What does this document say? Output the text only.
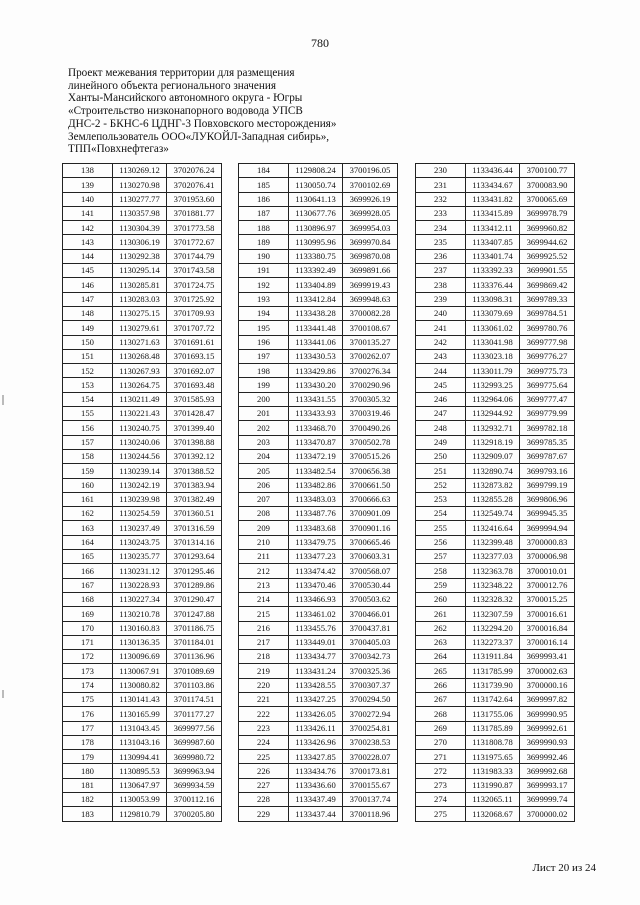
780
Проект межевания территории для размещения
линейного объекта регионального значения
Ханты-Мансийского автономного округа - Югры
«Строительство низконапорного водовода УПСВ
ДНС-2 - БКНС-6 ЦДНГ-3 Повховского месторождения»
Землепользователь ООО«ЛУКОЙЛ-Западная сибирь»,
ТПП«Повхнефтегаз»
138	1130269.12	3702076.24
139	1130270.98	3702076.41
140	1130277.77	3701953.60
141	1130357.98	3701881.77
142	1130304.39	3701773.58
143	1130306.19	3701772.67
144	1130292.38	3701744.79
145	1130295.14	3701743.58
146	1130285.81	3701724.75
147	1130283.03	3701725.92
148	1130275.15	3701709.93
149	1130279.61	3701707.72
150	1130271.63	3701691.61
151	1130268.48	3701693.15
152	1130267.93	3701692.07
153	1130264.75	3701693.48
154	1130211.49	3701585.93
155	1130221.43	3701428.47
156	1130240.75	3701399.40
157	1130240.06	3701398.88
158	1130244.56	3701392.12
159	1130239.14	3701388.52
160	1130242.19	3701383.94
161	1130239.98	3701382.49
162	1130254.59	3701360.51
163	1130237.49	3701316.59
164	1130243.75	3701314.16
165	1130235.77	3701293.64
166	1130231.12	3701295.46
167	1130228.93	3701289.86
168	1130227.34	3701290.47
169	1130210.78	3701247.88
170	1130160.83	3701186.75
171	1130136.35	3701184.01
172	1130096.69	3701136.96
173	1130067.91	3701089.69
174	1130080.82	3701103.86
175	1130141.43	3701174.51
176	1130165.99	3701177.27
177	1131043.45	3699977.56
178	1131043.16	3699987.60
179	1130994.41	3699980.72
180	1130895.53	3699963.94
181	1130647.97	3699934.59
182	1130053.99	3700112.16
183	1129810.79	3700205.80
184	1129808.24	3700196.05
185	1130050.74	3700102.69
186	1130641.13	3699926.19
187	1130677.76	3699928.05
188	1130896.97	3699954.03
189	1130995.96	3699970.84
190	1133380.75	3699870.08
191	1133392.49	3699891.66
192	1133404.89	3699919.43
193	1133412.84	3699948.63
194	1133438.28	3700082.28
195	1133441.48	3700108.67
196	1133441.06	3700135.27
197	1133430.53	3700262.07
198	1133429.86	3700276.34
199	1133430.20	3700290.96
200	1133431.55	3700305.32
201	1133433.93	3700319.46
202	1133468.70	3700490.26
203	1133470.87	3700502.78
204	1133472.19	3700515.26
205	1133482.54	3700656.38
206	1133482.86	3700661.50
207	1133483.03	3700666.63
208	1133487.76	3700901.09
209	1133483.68	3700901.16
210	1133479.75	3700665.46
211	1133477.23	3700603.31
212	1133474.42	3700568.07
213	1133470.46	3700530.44
214	1133466.93	3700503.62
215	1133461.02	3700466.01
216	1133455.76	3700437.81
217	1133449.01	3700405.03
218	1133434.77	3700342.73
219	1133431.24	3700325.36
220	1133428.55	3700307.37
221	1133427.25	3700294.50
222	1133426.05	3700272.94
223	1133426.11	3700254.81
224	1133426.96	3700238.53
225	1133427.85	3700228.07
226	1133434.76	3700173.81
227	1133436.60	3700155.67
228	1133437.49	3700137.74
229	1133437.44	3700118.96
230	1133436.44	3700100.77
231	1133434.67	3700083.90
232	1133431.82	3700065.69
233	1133415.89	3699978.79
234	1133412.11	3699960.82
235	1133407.85	3699944.62
236	1133401.74	3699925.52
237	1133392.33	3699901.55
238	1133376.44	3699869.42
239	1133098.31	3699789.33
240	1133079.69	3699784.51
241	1133061.02	3699780.76
242	1133041.98	3699777.98
243	1133023.18	3699776.27
244	1133011.79	3699775.73
245	1132993.25	3699775.64
246	1132964.06	3699777.47
247	1132944.92	3699779.99
248	1132932.71	3699782.18
249	1132918.19	3699785.35
250	1132909.07	3699787.67
251	1132890.74	3699793.16
252	1132873.82	3699799.19
253	1132855.28	3699806.96
254	1132549.74	3699945.35
255	1132416.64	3699994.94
256	1132399.48	3700000.83
257	1132377.03	3700006.98
258	1132363.78	3700010.01
259	1132348.22	3700012.76
260	1132328.32	3700015.25
261	1132307.59	3700016.61
262	1132294.20	3700016.84
263	1132273.37	3700016.14
264	1131911.84	3699993.41
265	1131785.99	3700002.63
266	1131739.90	3700000.16
267	1131742.64	3699997.82
268	1131755.06	3699990.95
269	1131785.89	3699992.61
270	1131808.78	3699990.93
271	1131975.65	3699992.46
272	1131983.33	3699992.68
273	1131990.87	3699993.17
274	1132065.11	3699999.74
275	1132068.67	3700000.02
Лист 20 из 24
